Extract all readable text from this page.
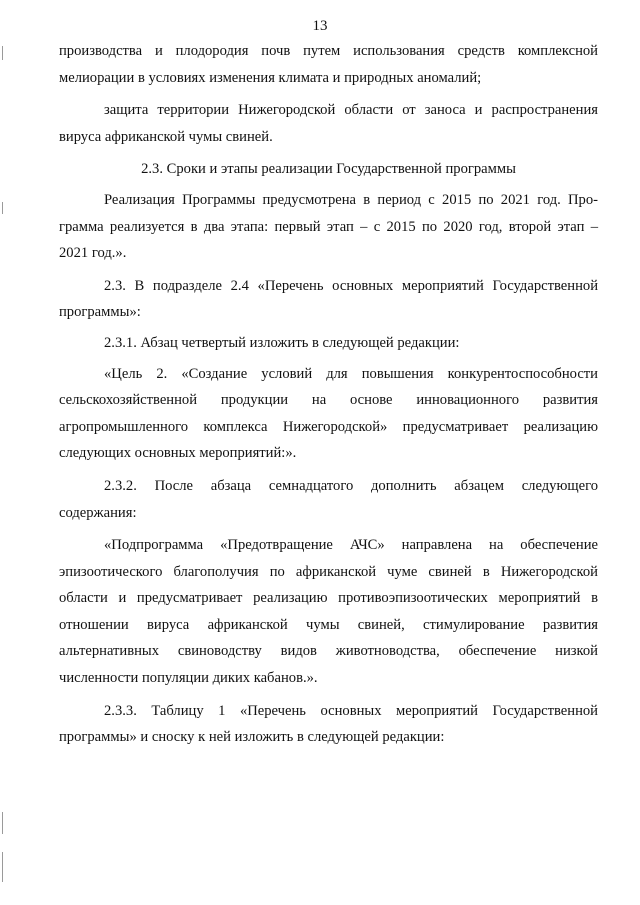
13

производства и плодородия почв путем использования средств комплексной
мелиорации в условиях изменения климата и природных аномалий;

защита территории Нижегородской области от заноса и распространения
вируса африканской чумы свиней.

2.3. Сроки и этапы реализации Государственной программы

Реализация Программы предусмотрена в период с 2015 по 2021 год. Про-
грамма реализуется в два этапа: первый этап – с 2015 по 2020 год, второй этап –
2021 год.».

2.3. В подразделе 2.4 «Перечень основных мероприятий Государственной
программы»:

2.3.1. Абзац четвертый изложить в следующей редакции:

«Цель 2. «Создание условий для повышения конкурентоспособности
сельскохозяйственной продукции на основе инновационного развития
агропромышленного комплекса Нижегородской» предусматривает реализацию
следующих основных мероприятий:».

2.3.2. После абзаца семнадцатого дополнить абзацем следующего
содержания:

«Подпрограмма «Предотвращение АЧС» направлена на обеспечение
эпизоотического благополучия по африканской чуме свиней в Нижегородской
области и предусматривает реализацию противоэпизоотических мероприятий в
отношении вируса африканской чумы свиней, стимулирование развития
альтернативных свиноводству видов животноводства, обеспечение низкой
численности популяции диких кабанов.».

2.3.3. Таблицу 1 «Перечень основных мероприятий Государственной
программы» и сноску к ней изложить в следующей редакции:
